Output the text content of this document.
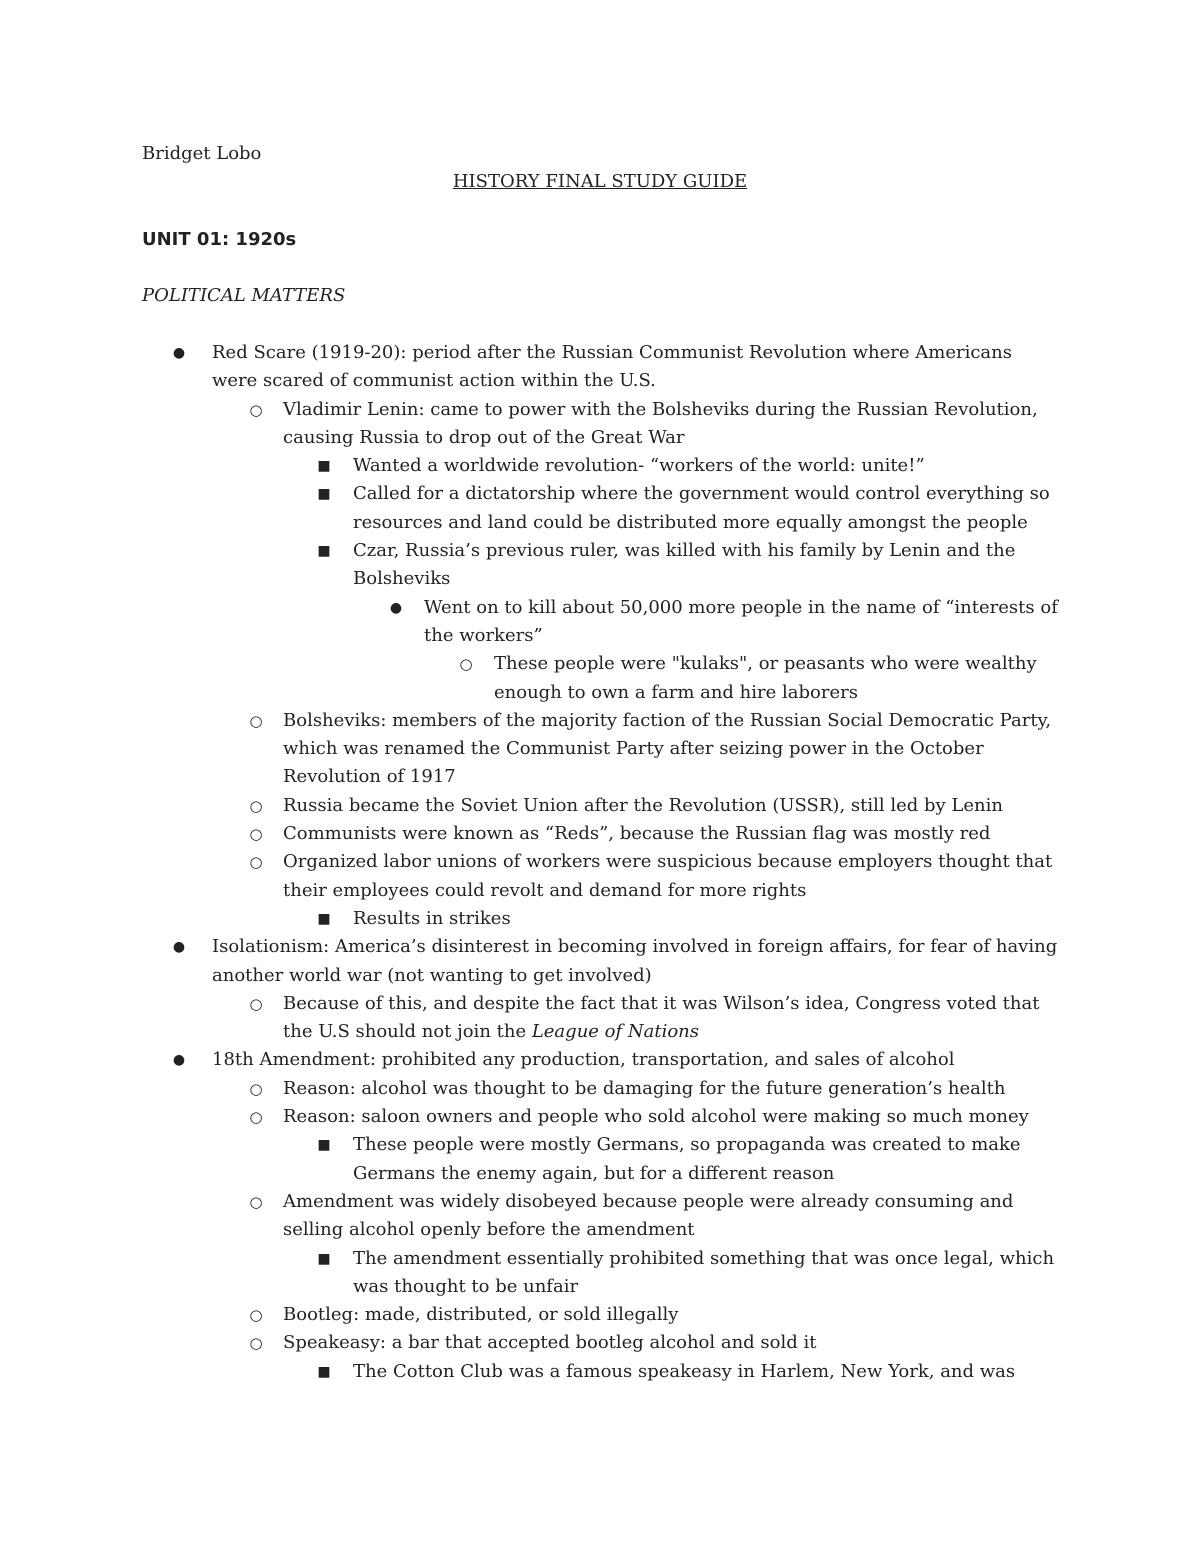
Bridget Lobo
HISTORY FINAL STUDY GUIDE
UNIT 01: 1920s
POLITICAL MATTERS
● Red Scare (1919-20): period after the Russian Communist Revolution where Americans were scared of communist action within the U.S.
○ Vladimir Lenin: came to power with the Bolsheviks during the Russian Revolution, causing Russia to drop out of the Great War
■ Wanted a worldwide revolution- “workers of the world: unite!”
■ Called for a dictatorship where the government would control everything so resources and land could be distributed more equally amongst the people
■ Czar, Russia’s previous ruler, was killed with his family by Lenin and the Bolsheviks
● Went on to kill about 50,000 more people in the name of “interests of the workers”
○ These people were "kulaks", or peasants who were wealthy enough to own a farm and hire laborers
○ Bolsheviks: members of the majority faction of the Russian Social Democratic Party, which was renamed the Communist Party after seizing power in the October Revolution of 1917
○ Russia became the Soviet Union after the Revolution (USSR), still led by Lenin
○ Communists were known as “Reds”, because the Russian flag was mostly red
○ Organized labor unions of workers were suspicious because employers thought that their employees could revolt and demand for more rights
■ Results in strikes
● Isolationism: America’s disinterest in becoming involved in foreign affairs, for fear of having another world war (not wanting to get involved)
○ Because of this, and despite the fact that it was Wilson’s idea, Congress voted that the U.S should not join the League of Nations
● 18th Amendment: prohibited any production, transportation, and sales of alcohol
○ Reason: alcohol was thought to be damaging for the future generation’s health
○ Reason: saloon owners and people who sold alcohol were making so much money
■ These people were mostly Germans, so propaganda was created to make Germans the enemy again, but for a different reason
○ Amendment was widely disobeyed because people were already consuming and selling alcohol openly before the amendment
■ The amendment essentially prohibited something that was once legal, which was thought to be unfair
○ Bootleg: made, distributed, or sold illegally
○ Speakeasy: a bar that accepted bootleg alcohol and sold it
■ The Cotton Club was a famous speakeasy in Harlem, New York, and was
